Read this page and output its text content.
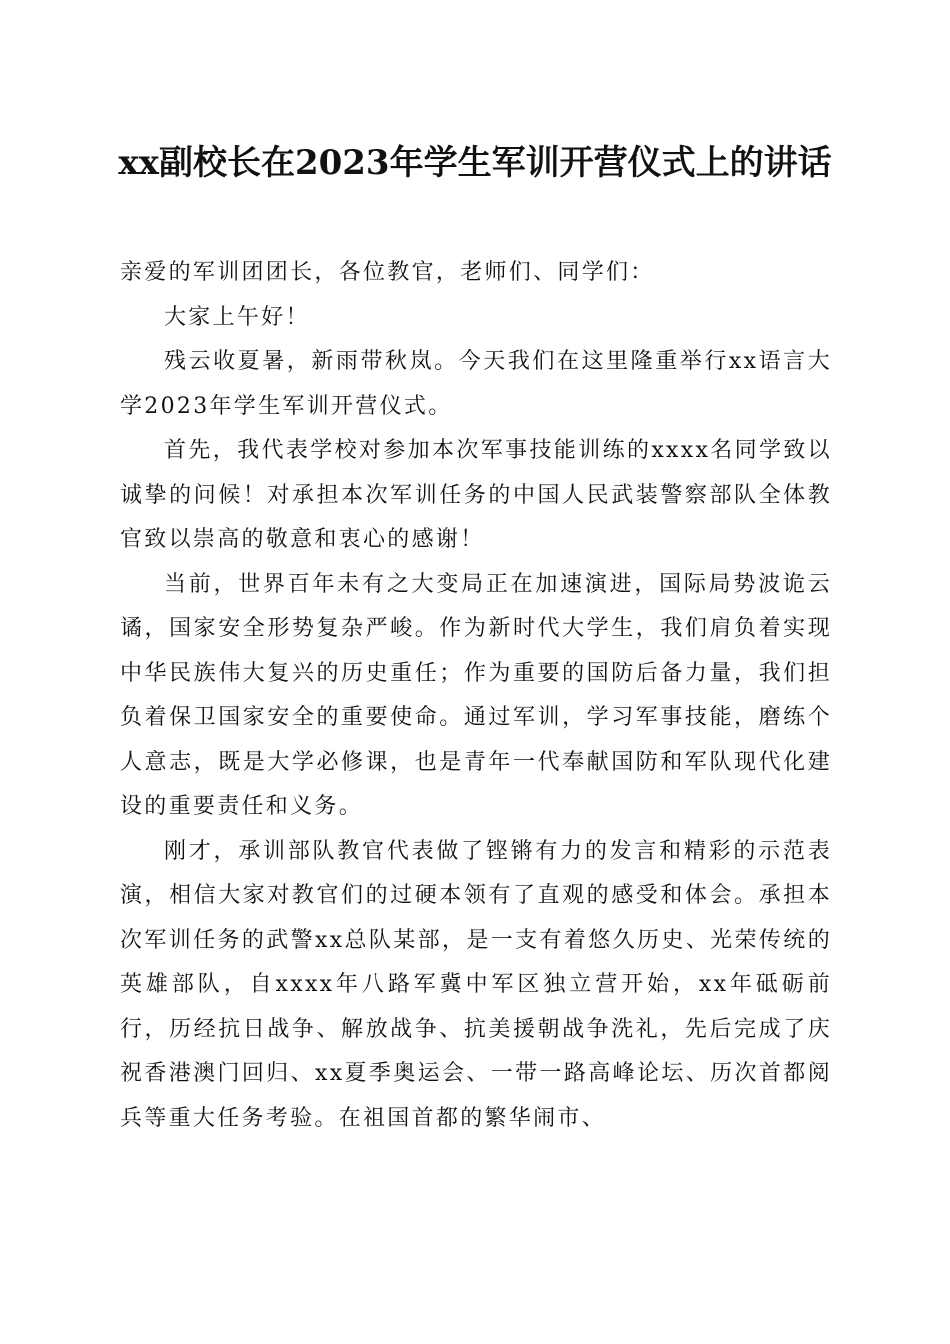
xx副校长在2023年学生军训开营仪式上的讲话

亲爱的军训团团长，各位教官，老师们、同学们：

大家上午好！

残云收夏暑，新雨带秋岚。今天我们在这里隆重举行xx语言大学2023年学生军训开营仪式。

首先，我代表学校对参加本次军事技能训练的xxxx名同学致以诚挚的问候！对承担本次军训任务的中国人民武装警察部队全体教官致以崇高的敬意和衷心的感谢！

当前，世界百年未有之大变局正在加速演进，国际局势波诡云谲，国家安全形势复杂严峻。作为新时代大学生，我们肩负着实现中华民族伟大复兴的历史重任；作为重要的国防后备力量，我们担负着保卫国家安全的重要使命。通过军训，学习军事技能，磨练个人意志，既是大学必修课，也是青年一代奉献国防和军队现代化建设的重要责任和义务。

刚才，承训部队教官代表做了铿锵有力的发言和精彩的示范表演，相信大家对教官们的过硬本领有了直观的感受和体会。承担本次军训任务的武警xx总队某部，是一支有着悠久历史、光荣传统的英雄部队，自xxxx年八路军冀中军区独立营开始，xx年砥砺前行，历经抗日战争、解放战争、抗美援朝战争洗礼，先后完成了庆祝香港澳门回归、xx夏季奥运会、一带一路高峰论坛、历次首都阅兵等重大任务考验。在祖国首都的繁华闹市、
